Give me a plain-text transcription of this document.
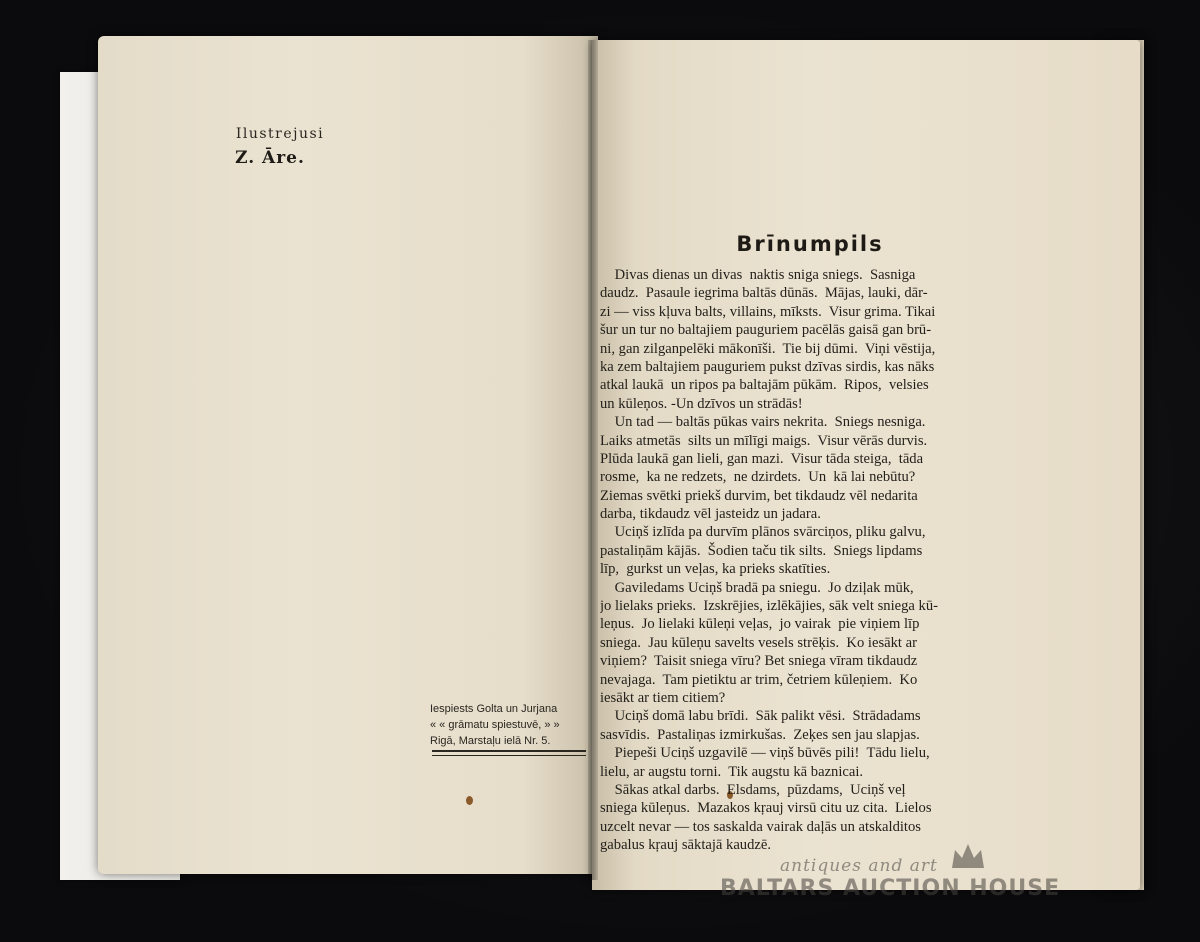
Ilustrejusi
Z. Āre.
Iespiests Golta un Jurjana
« « grāmatu spiestuvē, » »
Rigā, Marstaļu ielā Nr. 5.
Brīnumpils
Divas dienas un divas  naktis sniga sniegs.  Sasniga
daudz.  Pasaule iegrima baltās dūnās.  Mājas, lauki, dār-
zi — viss kļuva balts, villains, mīksts.  Visur grima. Tikai
šur un tur no baltajiem pauguriem pacēlās gaisā gan brū-
ni, gan zilganpelēki mākonīši.  Tie bij dūmi.  Viņi vēstija,
ka zem baltajiem pauguriem pukst dzīvas sirdis, kas nāks
atkal laukā  un ripos pa baltajām pūkām.  Ripos,  velsies
un kūleņos. -Un dzīvos un strādās!
Un tad — baltās pūkas vairs nekrita.  Sniegs nesniga.
Laiks atmetās  silts un mīlīgi maigs.  Visur vērās durvis.
Plūda laukā gan lieli, gan mazi.  Visur tāda steiga,  tāda
rosme,  ka ne redzets,  ne dzirdets.  Un  kā lai nebūtu?
Ziemas svētki priekš durvim, bet tikdaudz vēl nedarita
darba, tikdaudz vēl jasteidz un jadara.
Uciņš izlīda pa durvīm plānos svārciņos, pliku galvu,
pastaliņām kājās.  Šodien taču tik silts.  Sniegs lipdams
līp,  gurkst un veļas, ka prieks skatīties.
Gaviledams Uciņš bradā pa sniegu.  Jo dziļak mūk,
jo lielaks prieks.  Izskrējies, izlēkājies, sāk velt sniega kū-
leņus.  Jo lielaki kūleņi veļas,  jo vairak  pie viņiem līp
sniega.  Jau kūleņu savelts vesels strēķis.  Ko iesākt ar
viņiem?  Taisit sniega vīru? Bet sniega vīram tikdaudz
nevajaga.  Tam pietiktu ar trim, četriem kūleņiem.  Ko
iesākt ar tiem citiem?
Uciņš domā labu brīdi.  Sāk palikt vēsi.  Strādadams
sasvīdis.  Pastaliņas izmirkušas.  Zeķes sen jau slapjas.
Piepeši Uciņš uzgavilē — viņš būvēs pili!  Tādu lielu,
lielu, ar augstu torni.  Tik augstu kā baznicai.
Sākas atkal darbs.  Elsdams,  pūzdams,  Uciņš veļ
sniega kūleņus.  Mazakos kŗauj virsū citu uz cita.  Lielos
uzcelt nevar — tos saskalda vairak daļās un atskalditos
gabalus kŗauj sāktajā kaudzē.
antiques and art
BALTARS AUCTION HOUSE
